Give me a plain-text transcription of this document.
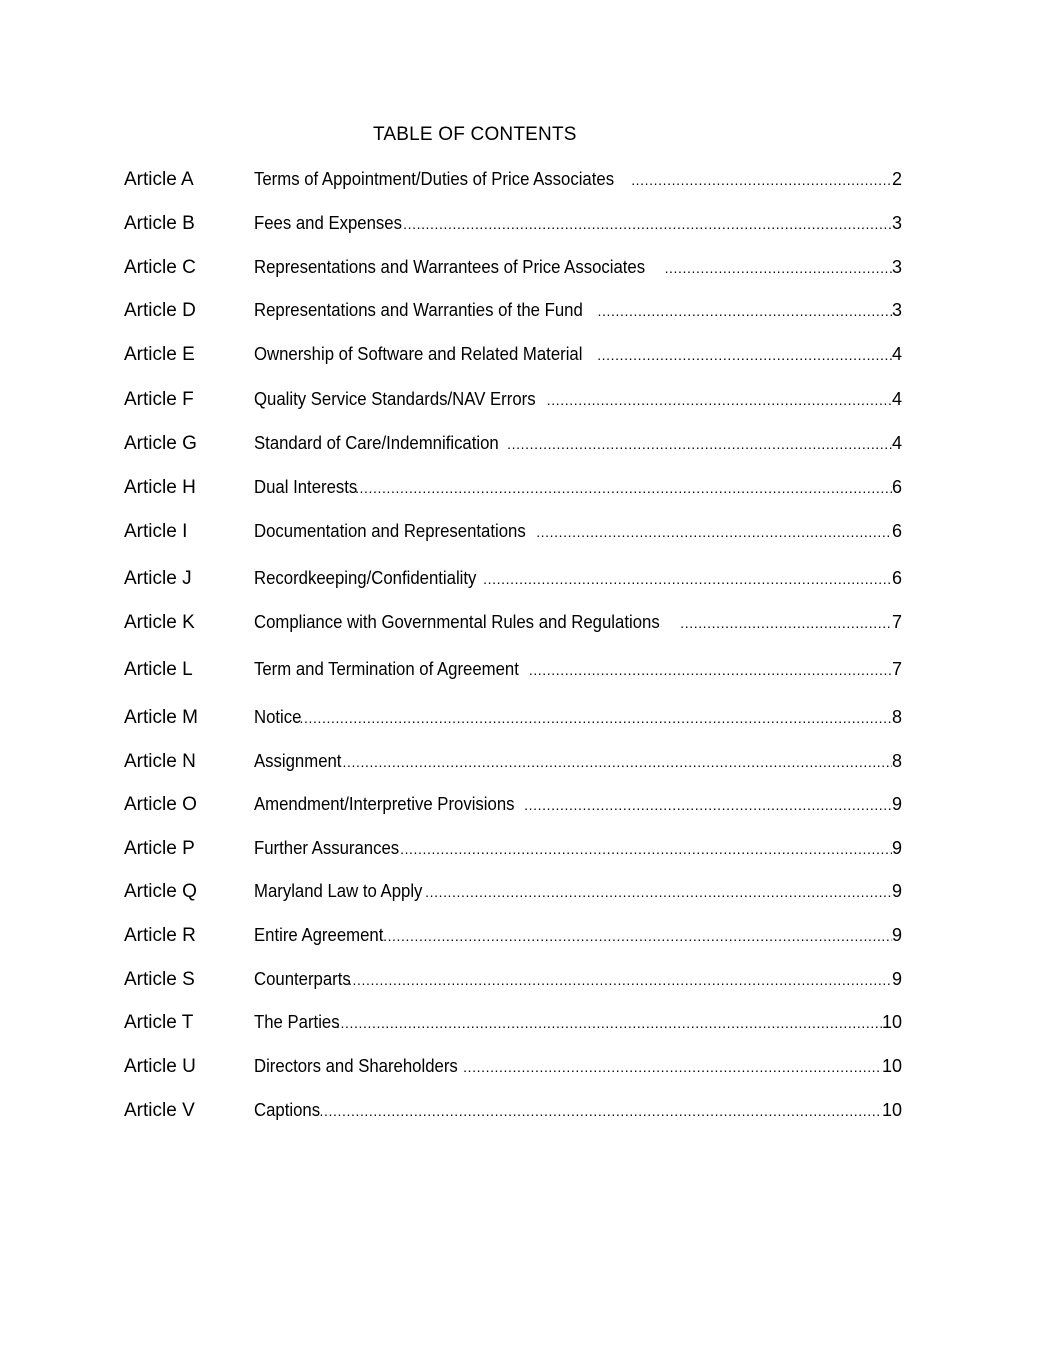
TABLE OF CONTENTS
Article A	Terms of Appointment/Duties of Price Associates .....	2
Article B	Fees and Expenses .....	3
Article C	Representations and Warrantees of Price Associates .....	3
Article D	Representations and Warranties of the Fund .....	3
Article E	Ownership of Software and Related Material .....	4
Article F	Quality Service Standards/NAV Errors .....	4
Article G	Standard of Care/Indemnification .....	4
Article H	Dual Interests .....	6
Article I	Documentation and Representations .....	6
Article J	Recordkeeping/Confidentiality .....	6
Article K	Compliance with Governmental Rules and Regulations .....	7
Article L	Term and Termination of Agreement .....	7
Article M	Notice .....	8
Article N	Assignment .....	8
Article O	Amendment/Interpretive Provisions .....	9
Article P	Further Assurances .....	9
Article Q	Maryland Law to Apply .....	9
Article R	Entire Agreement .....	9
Article S	Counterparts .....	9
Article T	The Parties .....	10
Article U	Directors and Shareholders .....	10
Article V	Captions .....	10
